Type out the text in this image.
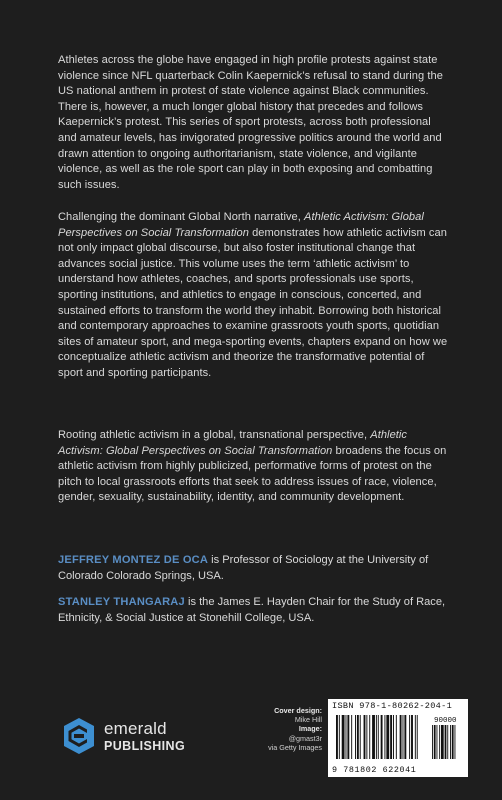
Athletes across the globe have engaged in high profile protests against state violence since NFL quarterback Colin Kaepernick’s refusal to stand during the US national anthem in protest of state violence against Black communities. There is, however, a much longer global history that precedes and follows Kaepernick’s protest. This series of sport protests, across both professional and amateur levels, has invigorated progressive politics around the world and drawn attention to ongoing authoritarianism, state violence, and vigilante violence, as well as the role sport can play in both exposing and combatting such issues.

Challenging the dominant Global North narrative, Athletic Activism: Global Perspectives on Social Transformation demonstrates how athletic activism can not only impact global discourse, but also foster institutional change that advances social justice. This volume uses the term ‘athletic activism’ to understand how athletes, coaches, and sports professionals use sports, sporting institutions, and athletics to engage in conscious, concerted, and sustained efforts to transform the world they inhabit. Borrowing both historical and contemporary approaches to examine grassroots youth sports, quotidian sites of amateur sport, and mega-sporting events, chapters expand on how we conceptualize athletic activism and theorize the transformative potential of sport and sporting participants.

Rooting athletic activism in a global, transnational perspective, Athletic Activism: Global Perspectives on Social Transformation broadens the focus on athletic activism from highly publicized, performative forms of protest on the pitch to local grassroots efforts that seek to address issues of race, violence, gender, sexuality, sustainability, identity, and community development.

JEFFREY MONTEZ DE OCA is Professor of Sociology at the University of Colorado Colorado Springs, USA.

STANLEY THANGARAJ is the James E. Hayden Chair for the Study of Race, Ethnicity, & Social Justice at Stonehill College, USA.

emerald
PUBLISHING
Cover design:
Mike Hill
Image:
@gmast3r
via Getty Images
ISBN 978-1-80262-204-1
90000
9 781802 622041
